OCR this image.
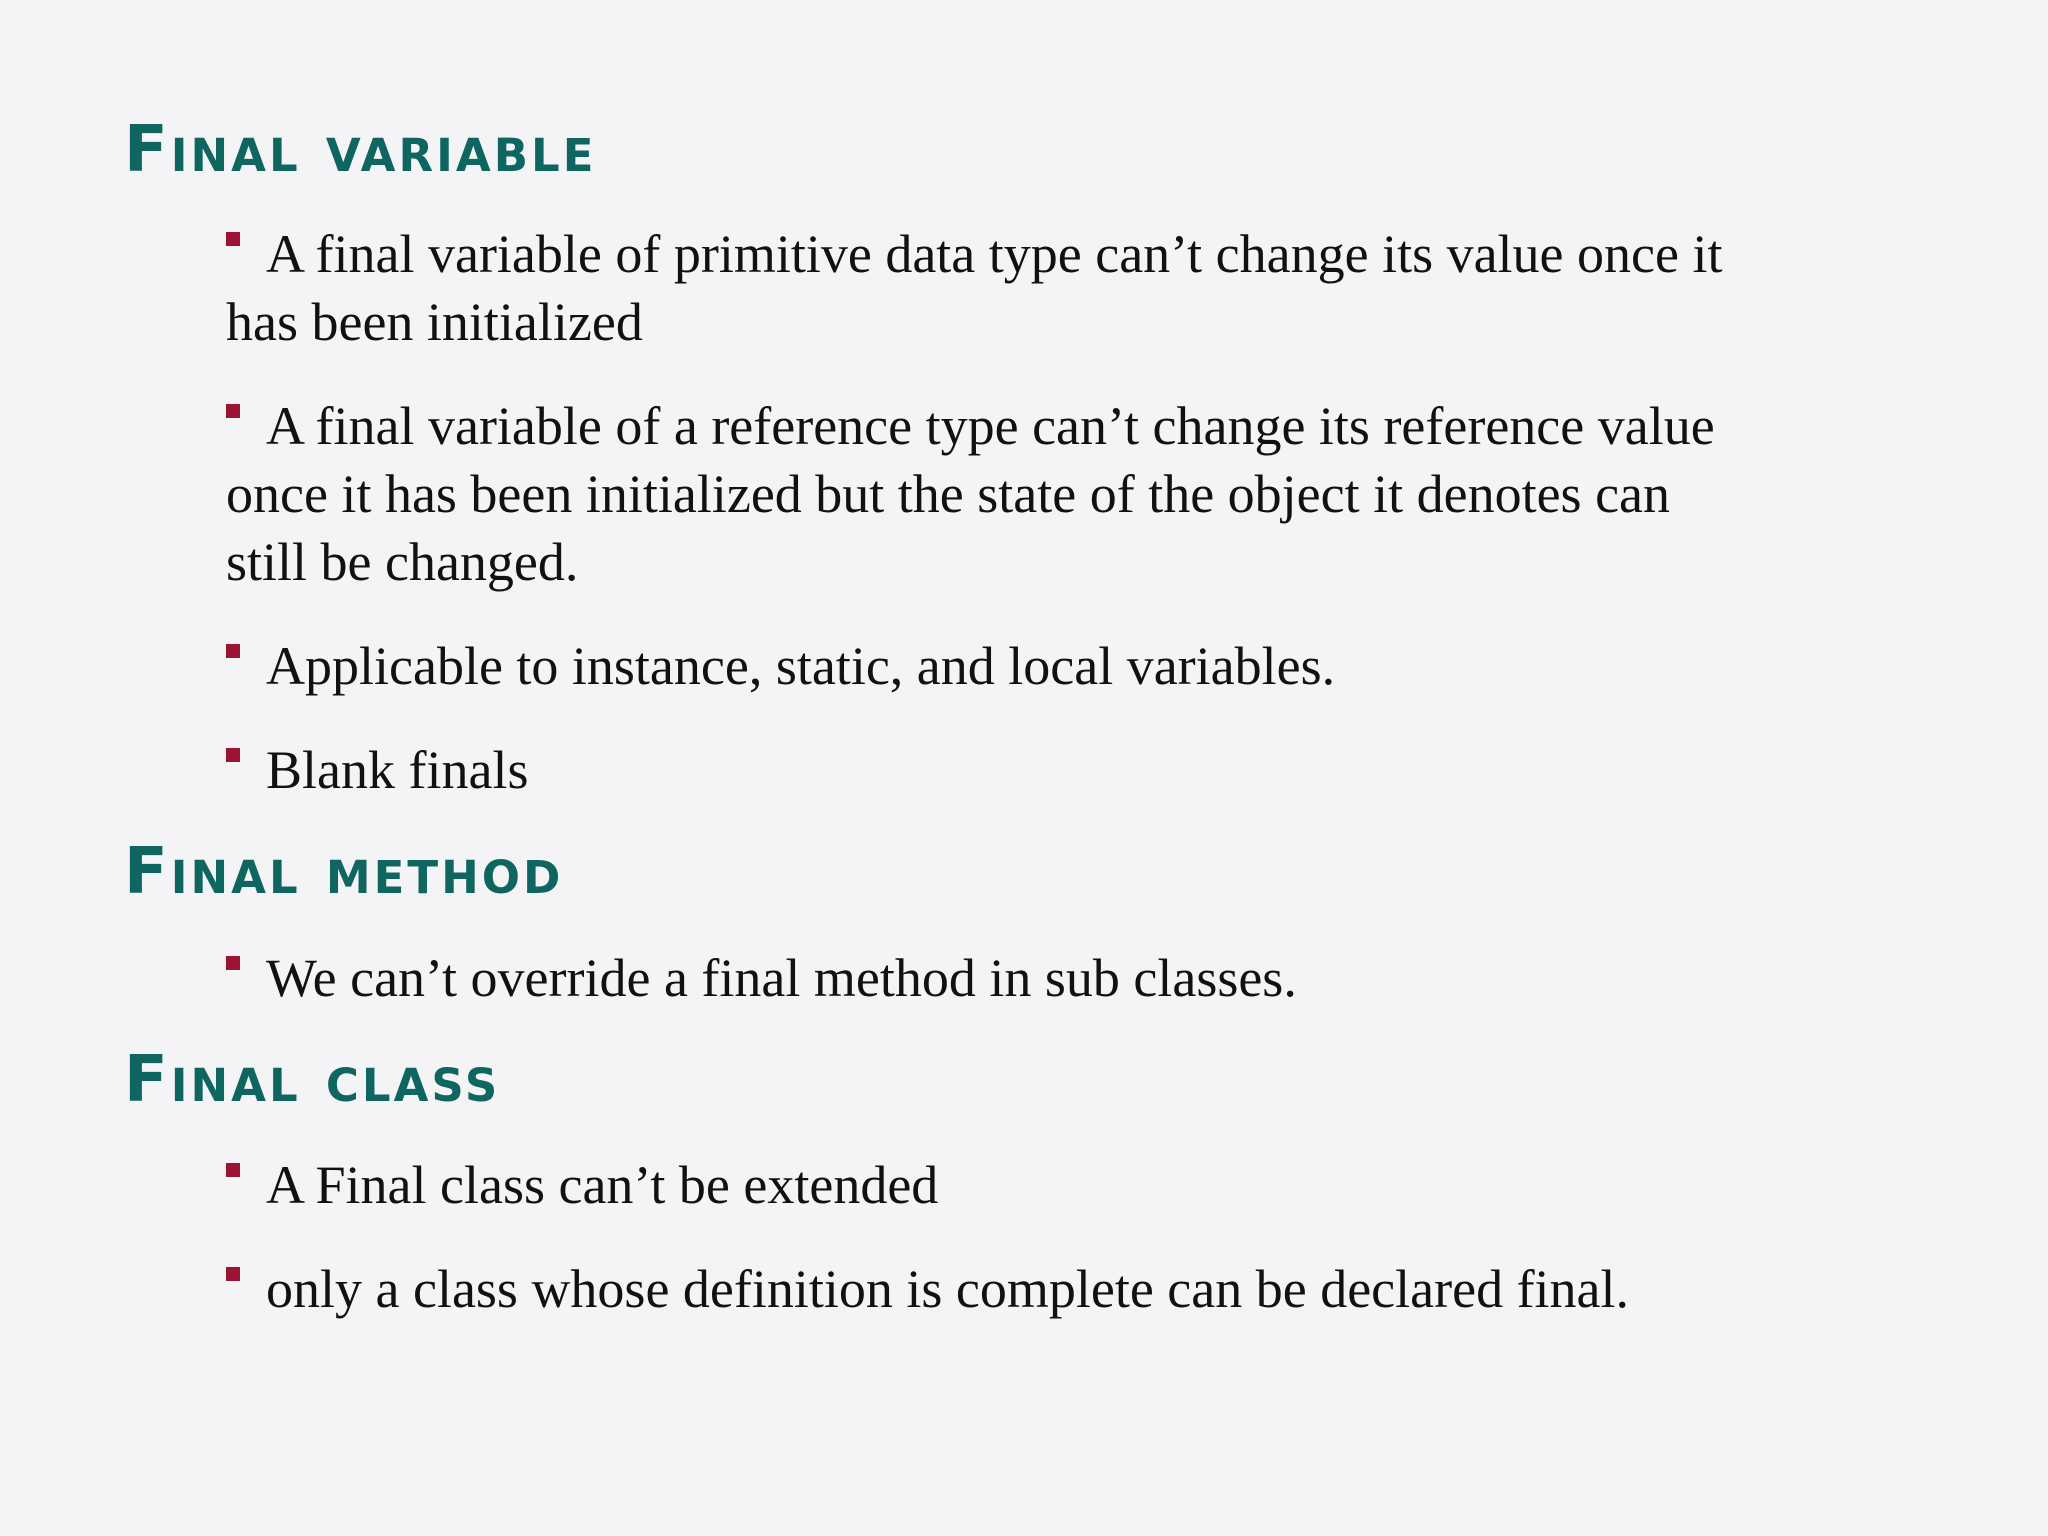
Final variable
A final variable of primitive data type can’t change its value once it has been initialized
A final variable of a reference type can’t change its reference value once it has been initialized but the state of the object it denotes can still be changed.
Applicable to instance, static, and local variables.
Blank finals
Final method
We can’t override a final method in sub classes.
Final class
A Final class can’t be extended
only a class whose definition is complete can be declared final.
